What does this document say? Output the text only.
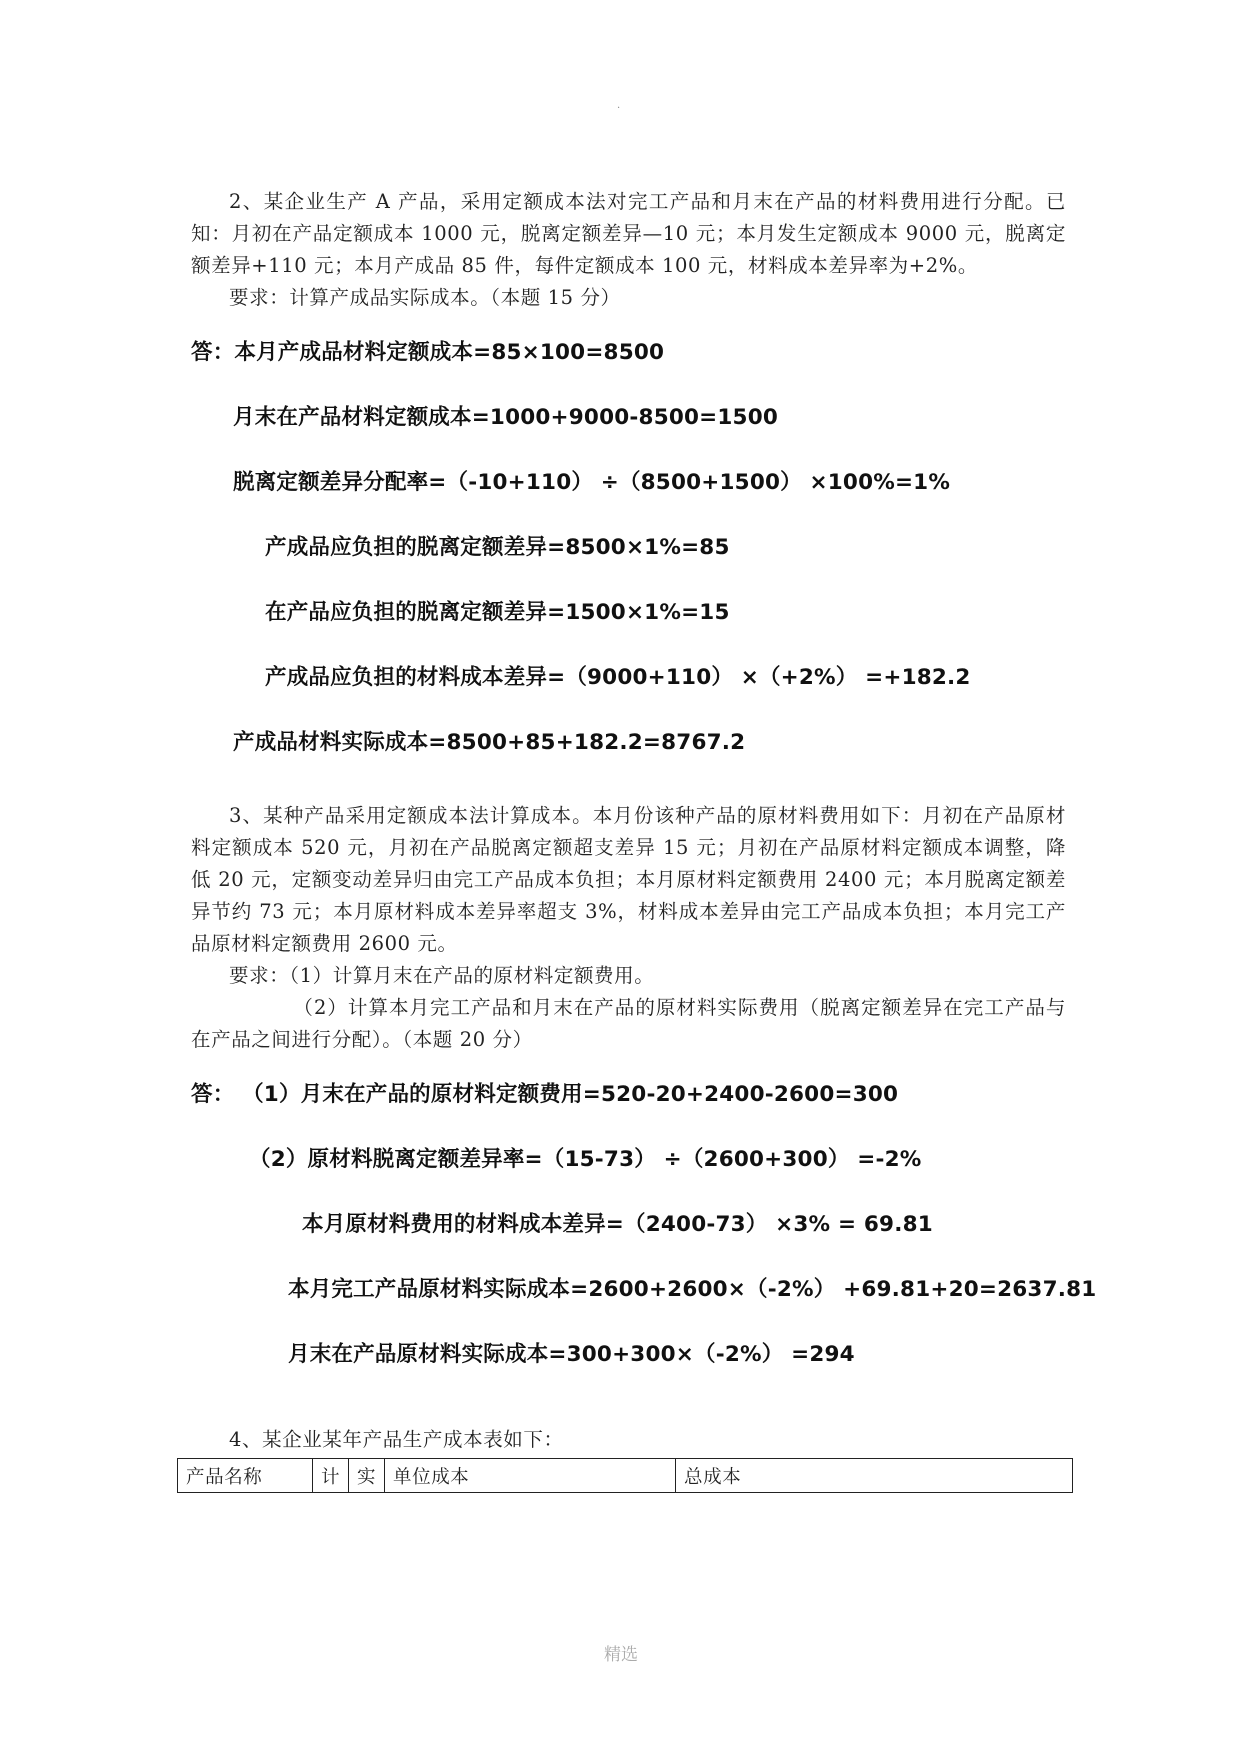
.

2、某企业生产 A 产品，采用定额成本法对完工产品和月末在产品的材料费用进行分配。已知：月初在产品定额成本 1000 元，脱离定额差异—10 元；本月发生定额成本 9000 元，脱离定额差异+110 元；本月产成品 85 件，每件定额成本 100 元，材料成本差异率为+2%。

要求：计算产成品实际成本。（本题 15 分）
答：本月产成品材料定额成本=85×100=8500
月末在产品材料定额成本=1000+9000-8500=1500
脱离定额差异分配率=（-10+110） ÷（8500+1500） ×100%=1%
产成品应负担的脱离定额差异=8500×1%=85
在产品应负担的脱离定额差异=1500×1%=15
产成品应负担的材料成本差异=（9000+110） ×（+2%） =+182.2
产成品材料实际成本=8500+85+182.2=8767.2

3、某种产品采用定额成本法计算成本。本月份该种产品的原材料费用如下：月初在产品原材料定额成本 520 元，月初在产品脱离定额超支差异 15 元；月初在产品原材料定额成本调整，降低 20 元，定额变动差异归由完工产品成本负担；本月原材料定额费用 2400 元；本月脱离定额差异节约 73 元；本月原材料成本差异率超支 3%，材料成本差异由完工产品成本负担；本月完工产品原材料定额费用 2600 元。

要求：（1）计算月末在产品的原材料定额费用。

（2）计算本月完工产品和月末在产品的原材料实际费用（脱离定额差异在完工产品与在产品之间进行分配）。（本题 20 分）

答： （1）月末在产品的原材料定额费用=520-20+2400-2600=300
（2）原材料脱离定额差异率=（15-73） ÷（2600+300） =-2%
本月原材料费用的材料成本差异=（2400-73） ×3% = 69.81
本月完工产品原材料实际成本=2600+2600×（-2%） +69.81+20=2637.81
月末在产品原材料实际成本=300+300×（-2%） =294
4、某企业某年产品生产成本表如下：
产品名称	计	实	单位成本	总成本
精选
